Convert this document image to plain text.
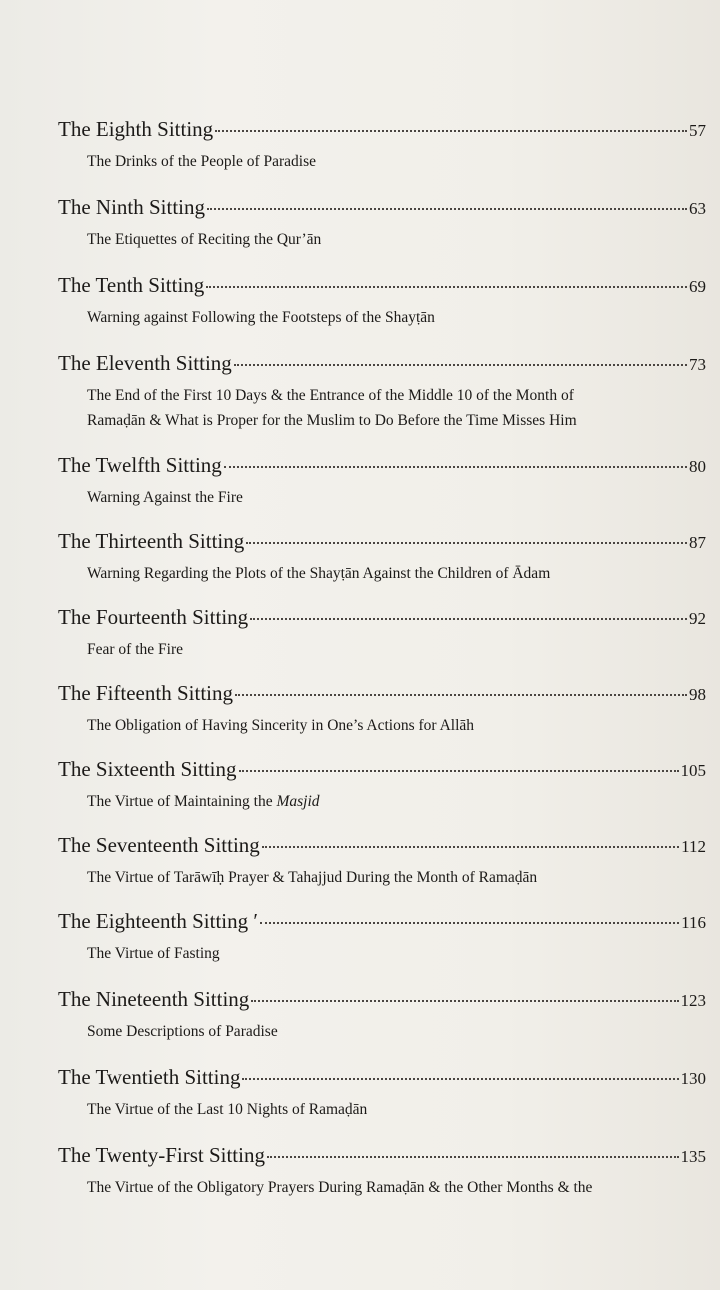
The Eighth Sitting	57
The Drinks of the People of Paradise
The Ninth Sitting	63
The Etiquettes of Reciting the Qur’ān
The Tenth Sitting	69
Warning against Following the Footsteps of the Shayṭān
The Eleventh Sitting	73
The End of the First 10 Days & the Entrance of the Middle 10 of the Month of
Ramaḍān & What is Proper for the Muslim to Do Before the Time Misses Him
The Twelfth Sitting	80
Warning Against the Fire
The Thirteenth Sitting	87
Warning Regarding the Plots of the Shayṭān Against the Children of Ādam
The Fourteenth Sitting	92
Fear of the Fire
The Fifteenth Sitting	98
The Obligation of Having Sincerity in One’s Actions for Allāh
The Sixteenth Sitting	105
The Virtue of Maintaining the Masjid
The Seventeenth Sitting	112
The Virtue of Tarāwīḥ Prayer & Tahajjud During the Month of Ramaḍān
The Eighteenth Sitting ʹ	116
The Virtue of Fasting
The Nineteenth Sitting	123
Some Descriptions of Paradise
The Twentieth Sitting	130
The Virtue of the Last 10 Nights of Ramaḍān
The Twenty-First Sitting	135
The Virtue of the Obligatory Prayers During Ramaḍān & the Other Months & the
